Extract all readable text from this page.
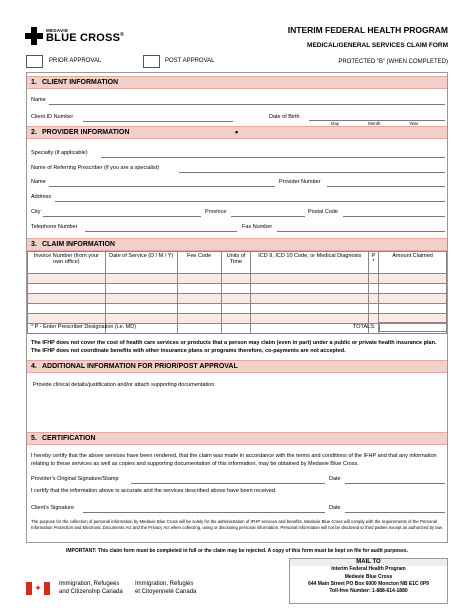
MEDAVIE
BLUE CROSS®	INTERIM FEDERAL HEALTH PROGRAM
MEDICAL/GENERAL SERVICES CLAIM FORM
PRIOR APPROVAL	POST APPROVAL	PROTECTED “B” (WHEN COMPLETED)
1. CLIENT INFORMATION
Name
Client ID Number	Date of Birth
Day	Month	Year
2. PROVIDER INFORMATION	•
Specialty (if applicable)
Name of Referring Prescriber (if you are a specialist)
Name	Provider Number
Address
City	Province	Postal Code
Telephone Number	Fax Number
3. CLAIM INFORMATION
Invoice Number (from your own office)	Date of Service (D / M / Y)	Fee Code	Units of Time	ICD 9, ICD 10 Code, or Medical Diagnosis	P *	Amount Claimed

* P - Enter Prescriber Designation (i.e. MD)	TOTALS:
The IFHP does not cover the cost of health care services or products that a person may claim (even in part) under a public or private health insurance plan. The IFHP does not coordinate benefits with other insurance plans or programs therefore, co-payments are not accepted.
4. ADDITIONAL INFORMATION FOR PRIOR/POST APPROVAL
Provide clinical details/justification and/or attach supporting documentation.
5. CERTIFICATION
I hereby certify that the above services have been rendered, that the claim was made in accordance with the terms and conditions of the IFHP and that any information relating to these services as well as copies and supporting documentation of this information, may be obtained by Medavie Blue Cross.
Provider’s Original Signature/Stamp	Date
I certify that the information above is accurate and the services described above have been received.
Client’s Signature	Date
The purpose for the collection of personal information by Medavie Blue Cross will be solely for the administration of IFHP services and benefits. Medavie Blue Cross will comply with the requirements of the Personal Information Protection and Electronic Documents Act and the Privacy Act when collecting, using or disclosing personal information. Personal information will not be disclosed to third parties except as authorized by law.
IMPORTANT: This claim form must be completed in full or the claim may be rejected. A copy of this form must be kept on file for audit purposes.
✦	Immigration, Refugees
and Citizenship Canada
Immigration, Réfugiés
et Citoyenneté Canada
MAIL TO
Interim Federal Health Program
Medavie Blue Cross
644 Main Street PO Box 6000 Moncton NB E1C 0P9
Toll-free Number: 1-888-614-1880
